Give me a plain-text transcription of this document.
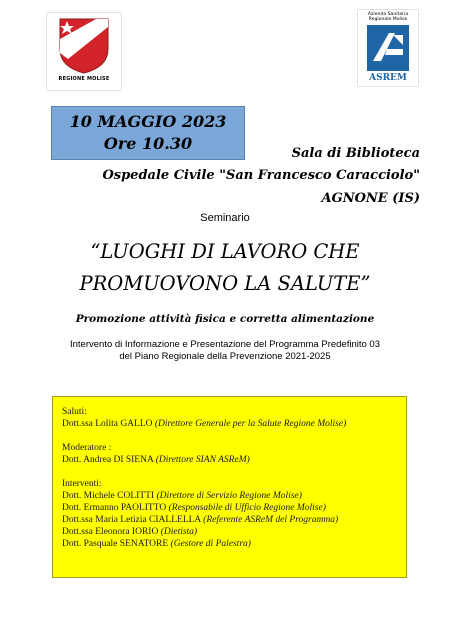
REGIONE MOLISE
Azienda Sanitaria
Regionale Molise
ASREM
10 MAGGIO 2023
Ore 10.30
Sala di Biblioteca
Ospedale Civile "San Francesco Caracciolo"
AGNONE (IS)
Seminario
“LUOGHI DI LAVORO CHE
PROMUOVONO LA SALUTE”
Promozione attività fisica e corretta alimentazione
Intervento di Informazione e Presentazione del Programma Predefinito 03
del Piano Regionale della Prevenzione 2021-2025
Saluti:
Dott.ssa Lolita GALLO (Direttore Generale per la Salute Regione Molise)
Moderatore :
Dott. Andrea DI SIENA (Direttore SIAN ASReM)
Interventi:
Dott. Michele COLITTI (Direttore di Servizio Regione Molise)
Dott. Ermanno PAOLITTO (Responsabile di Ufficio Regione Molise)
Dott.ssa Maria Letizia CIALLELLA (Referente ASReM del Programma)
Dott.ssa Eleonora IORIO (Dietista)
Dott. Pasquale SENATORE (Gestore di Palestra)
